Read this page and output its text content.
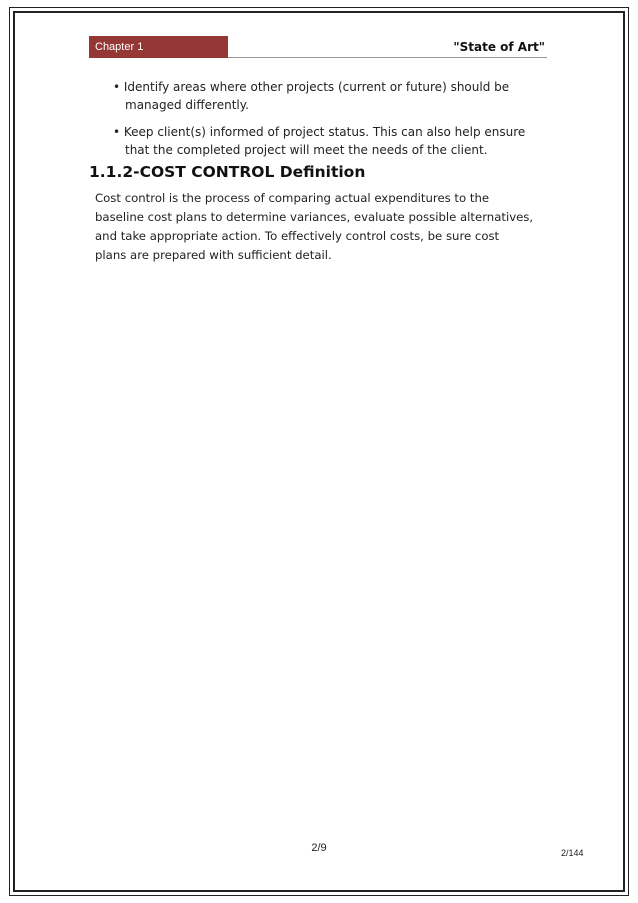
Chapter 1	"State of Art"
• Identify areas where other projects (current or future) should be
managed differently.
• Keep client(s) informed of project status. This can also help ensure
that the completed project will meet the needs of the client.
1.1.2-COST CONTROL Definition
Cost control is the process of comparing actual expenditures to the
baseline cost plans to determine variances, evaluate possible alternatives,
and take appropriate action. To effectively control costs, be sure cost
plans are prepared with sufficient detail.
2/9	2/144
